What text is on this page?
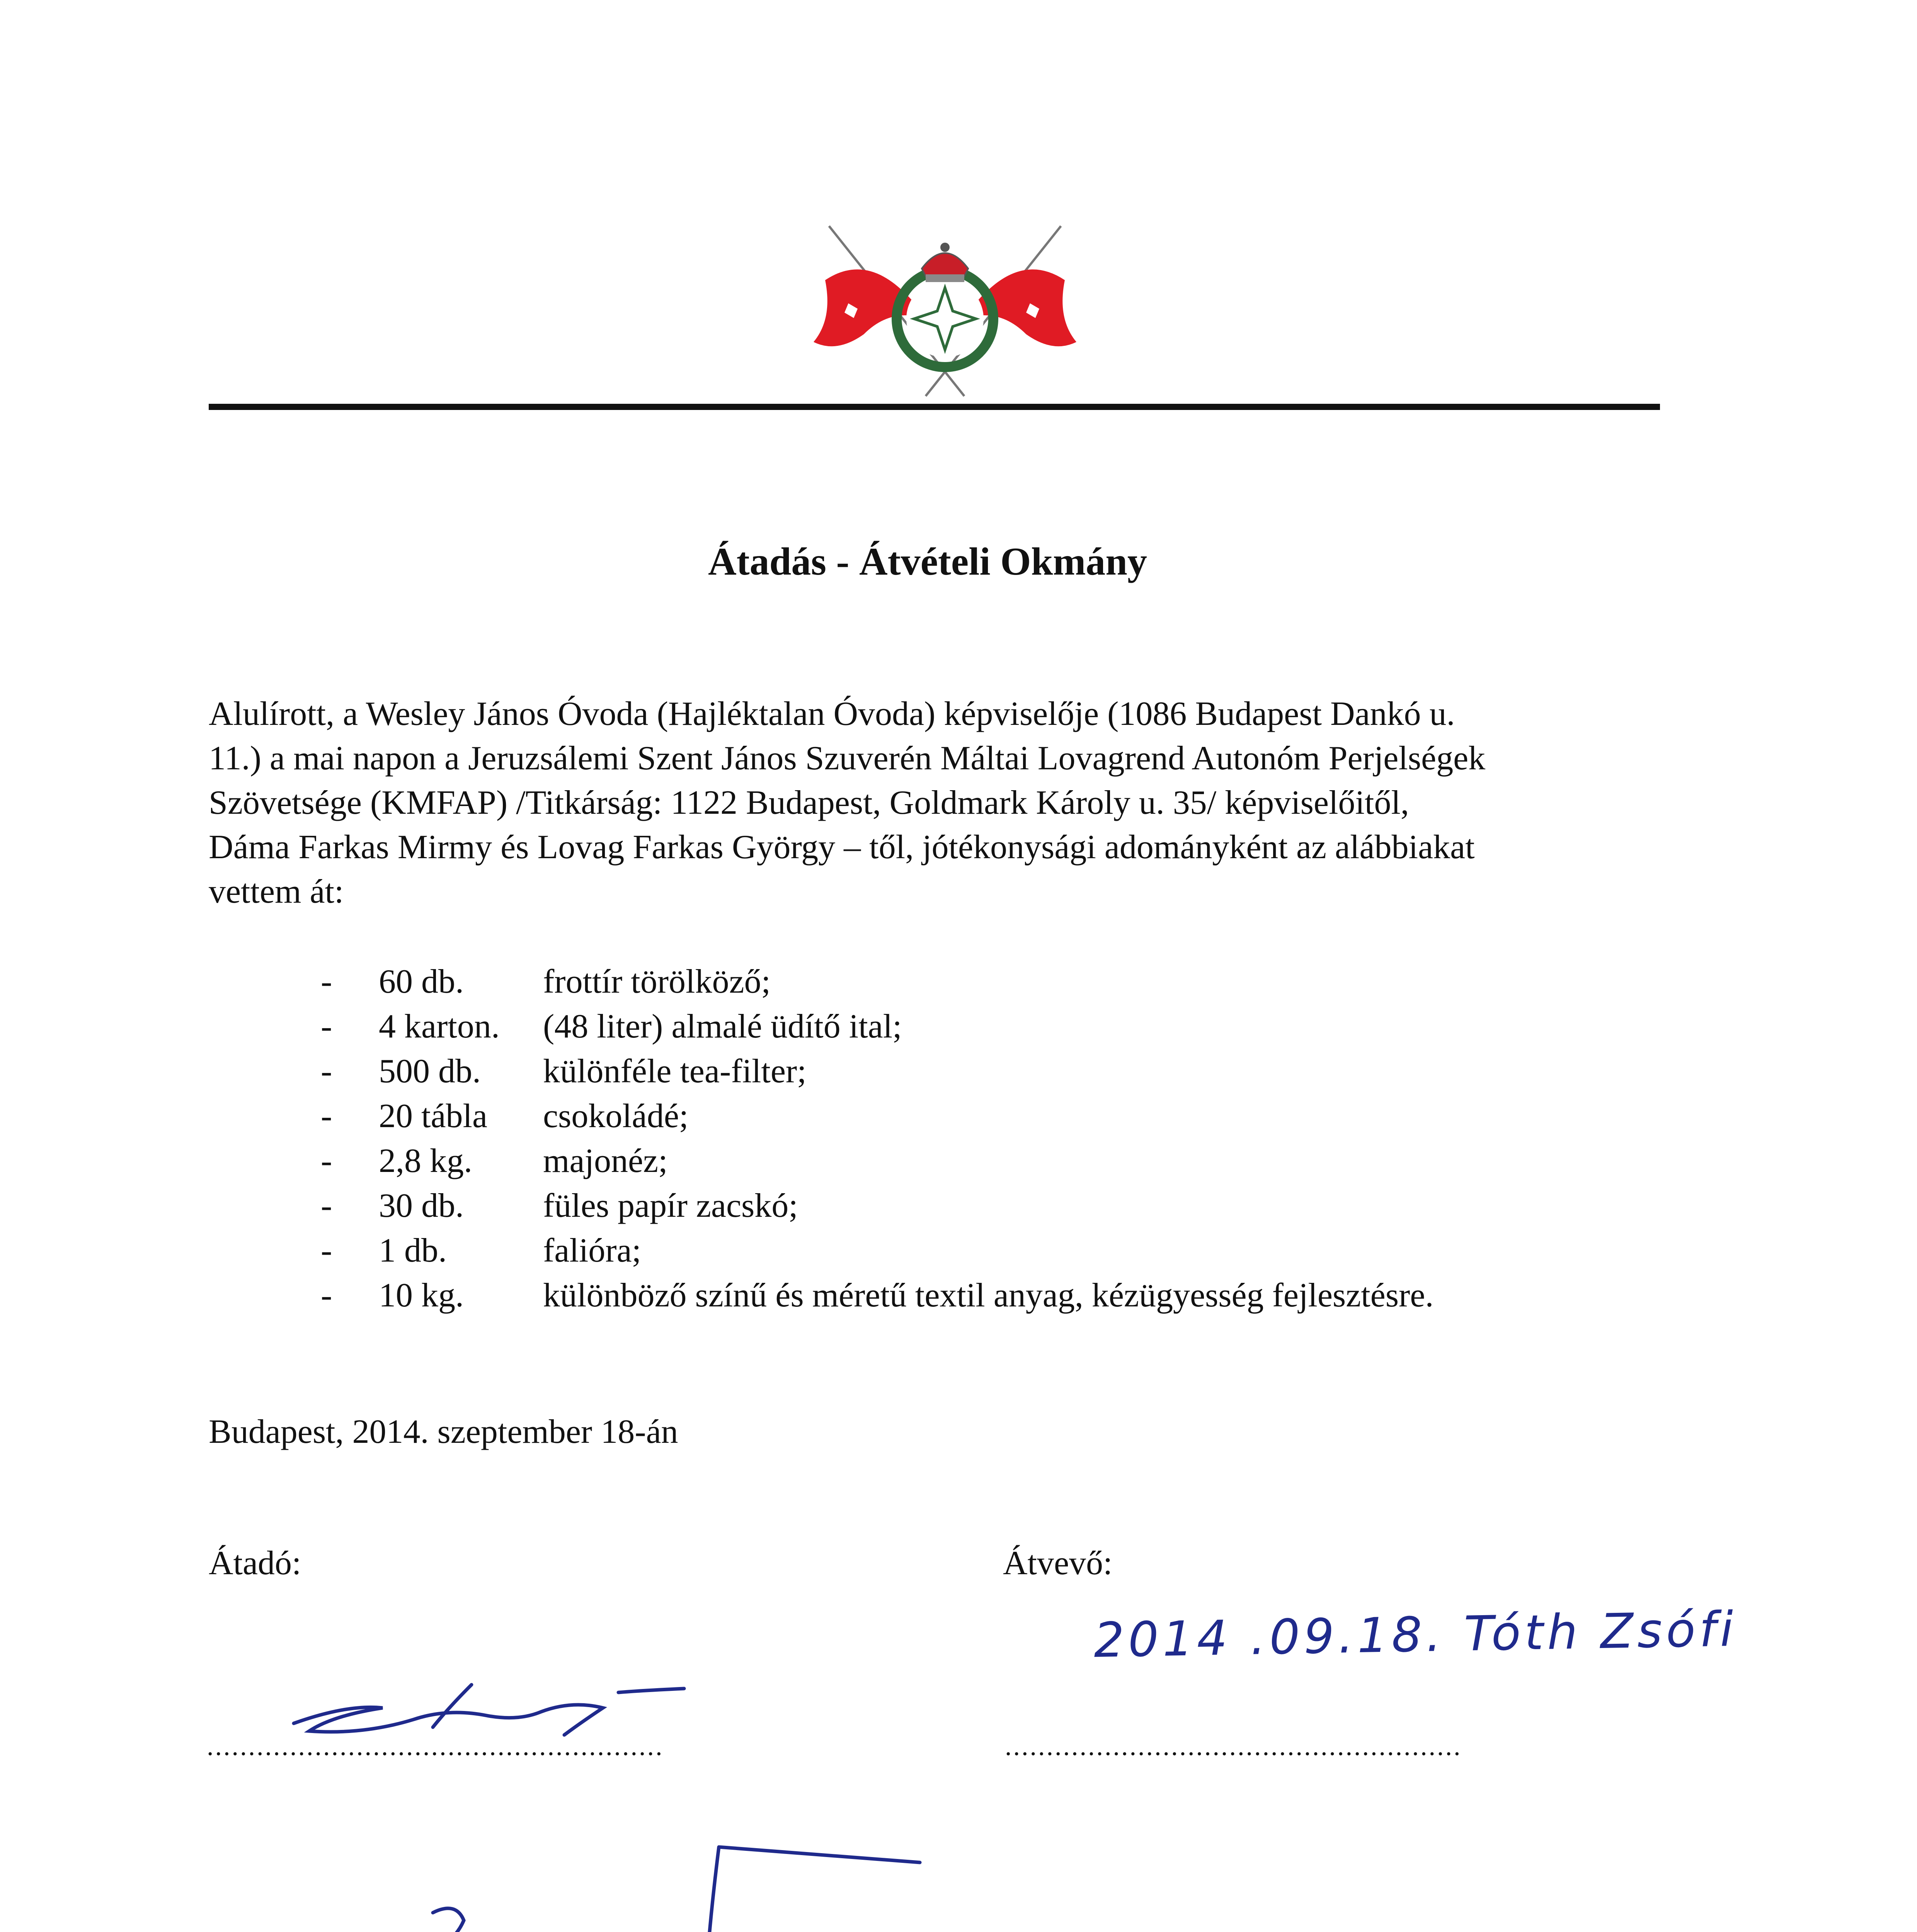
Átadás - Átvételi Okmány

Alulírott, a Wesley János Óvoda (Hajléktalan Óvoda) képviselője (1086 Budapest Dankó u.
11.) a mai napon a Jeruzsálemi Szent János Szuverén Máltai Lovagrend Autonóm Perjelségek
Szövetsége (KMFAP) /Titkárság: 1122 Budapest, Goldmark Károly u. 35/ képviselőitől,
Dáma Farkas Mirmy és Lovag Farkas György – től, jótékonysági adományként az alábbiakat
vettem át:

- 60 db. frottír törölköző;
- 4 karton. (48 liter) almalé üdítő ital;
- 500 db. különféle tea-filter;
- 20 tábla csokoládé;
- 2,8 kg. majonéz;
- 30 db. füles papír zacskó;
- 1 db.	falióra;
- 10 kg. különböző színű és méretű textil anyag, kézügyesség fejlesztésre.
Budapest, 2014. szeptember 18-án
Átadó:	Átvevő:
2014 .09.18. Tóth Zsófi
.......................................................	.......................................................
